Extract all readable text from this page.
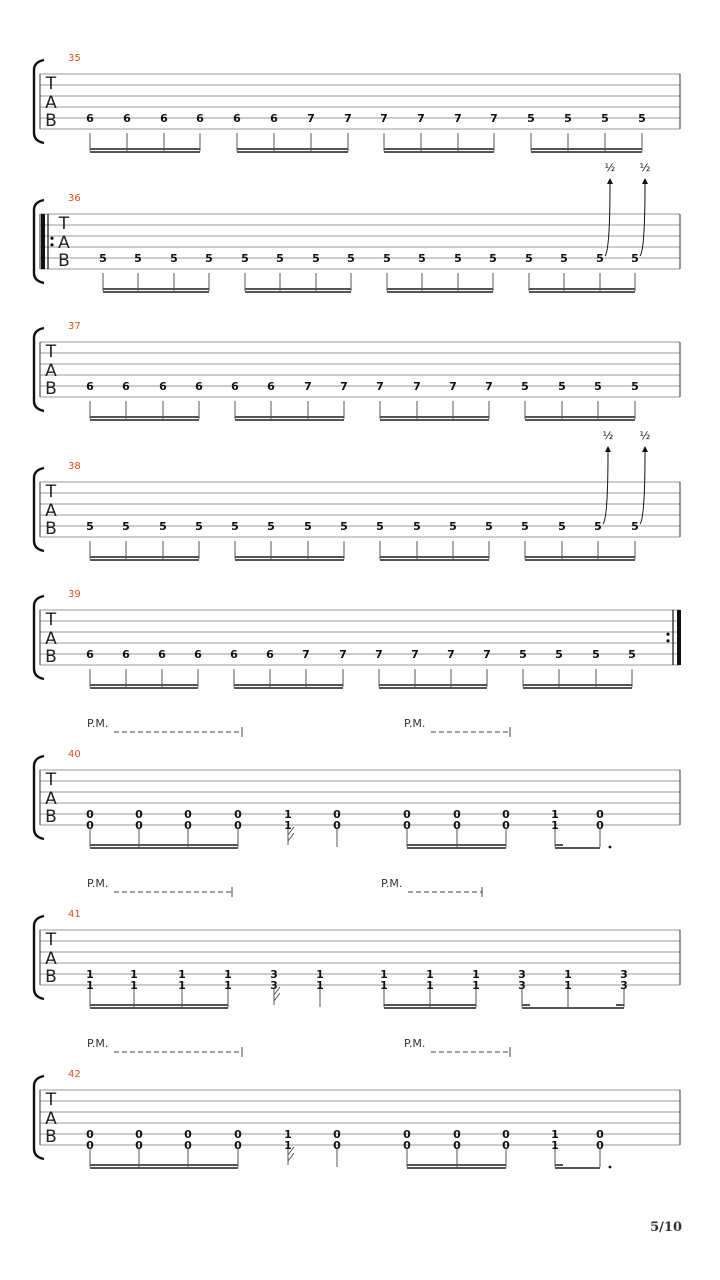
T
A
B
35
6	6	6	6	6	6	7	7	7	7	7	7	5	5	5	5
T
A
B
36
5 5	5 5	5 5	5 5	5 5	5 5	5 5	5 5
½ ½
T
A
B
37
6	6	6	6	6	6	7	7	7	7	7	7	5	5	5	5
T
A
B
38
5	5	5	5	5	5	5	5	5	5	5	5	5	5	5	5
½ ½
T
A
B
39
6	6	6	6	6	6	7	7	7	7	7	7	5	5	5	5
T
A
B
40
P.M.	P.M.
0
0
0
0
0
0
0
0
1
1
0
0
0
0
0
0
0
0
1
1
0
0
T
A
B
41
P.M.	P.M.
1
1
1
1
1
1
1
1
3
3
1
1
1
1
1
1
1
1
3
3
1
1
3
3
T
A
B
42
P.M.	P.M.
0
0
0
0
0
0
0
0
1
1
0
0
0
0
0
0
0
0
1
1
0
0
5/10
